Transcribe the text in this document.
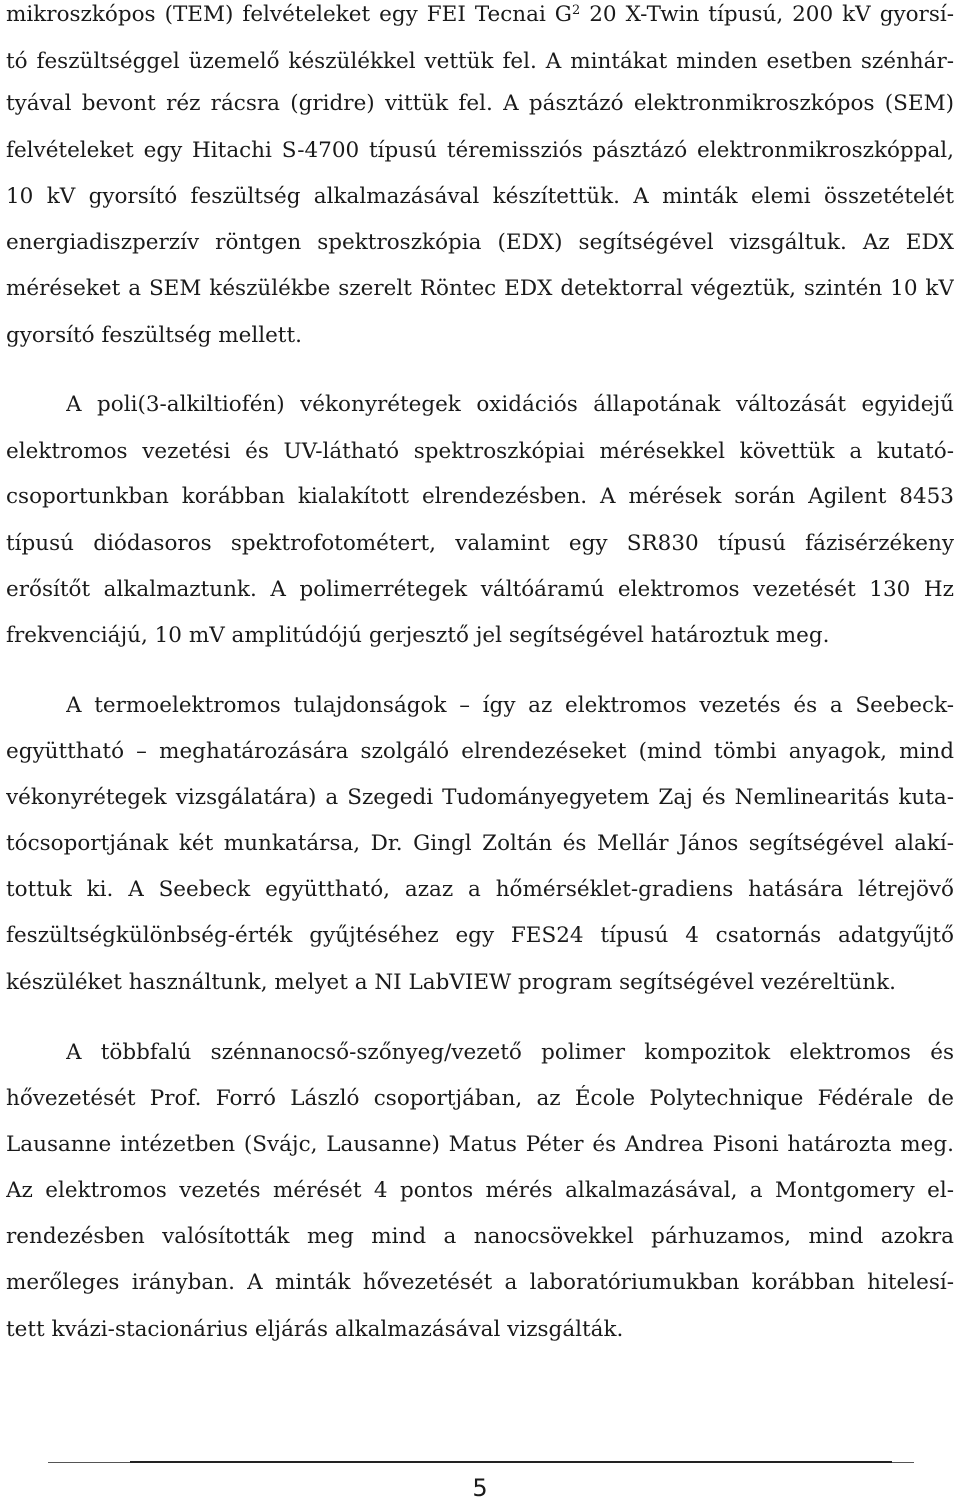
mikroszkópos (TEM) felvételeket egy FEI Tecnai $G^2$ 20 X-Twin típusú, 200 kV gyorsí-
tó feszültséggel üzemelő készülékkel vettük fel. A mintákat minden esetben szénhár-
tyával bevont réz rácsra (gridre) vittük fel. A pásztázó elektronmikroszkópos (SEM)
felvételeket egy Hitachi S-4700 típusú téremissziós pásztázó elektronmikroszkóppal,
10 kV gyorsító feszültség alkalmazásával készítettük. A minták elemi összetételét
energiadiszperzív röntgen spektroszkópia (EDX) segítségével vizsgáltuk. Az EDX
méréseket a SEM készülékbe szerelt Röntec EDX detektorral végeztük, szintén 10 kV
gyorsító feszültség mellett.
A poli(3-alkiltiofén) vékonyrétegek oxidációs állapotának változását egyidejű
elektromos vezetési és UV-látható spektroszkópiai mérésekkel követtük a kutató-
csoportunkban korábban kialakított elrendezésben. A mérések során Agilent 8453
típusú diódasoros spektrofotométert, valamint egy SR830 típusú fázisérzékeny
erősítőt alkalmaztunk. A polimerrétegek váltóáramú elektromos vezetését 130 Hz
frekvenciájú, 10 mV amplitúdójú gerjesztő jel segítségével határoztuk meg.
A termoelektromos tulajdonságok – így az elektromos vezetés és a Seebeck-
együttható – meghatározására szolgáló elrendezéseket (mind tömbi anyagok, mind
vékonyrétegek vizsgálatára) a Szegedi Tudományegyetem Zaj és Nemlinearitás kuta-
tócsoportjának két munkatársa, Dr. Gingl Zoltán és Mellár János segítségével alakí-
tottuk ki. A Seebeck együttható, azaz a hőmérséklet-gradiens hatására létrejövő
feszültségkülönbség-érték gyűjtéséhez egy FES24 típusú 4 csatornás adatgyűjtő
készüléket használtunk, melyet a NI LabVIEW program segítségével vezéreltünk.
A többfalú szénnanocső-szőnyeg/vezető polimer kompozitok elektromos és
hővezetését Prof. Forró László csoportjában, az École Polytechnique Fédérale de
Lausanne intézetben (Svájc, Lausanne) Matus Péter és Andrea Pisoni határozta meg.
Az elektromos vezetés mérését 4 pontos mérés alkalmazásával, a Montgomery el-
rendezésben valósították meg mind a nanocsövekkel párhuzamos, mind azokra
merőleges irányban. A minták hővezetését a laboratóriumukban korábban hitelesí-
tett kvázi-stacionárius eljárás alkalmazásával vizsgálták.
5
